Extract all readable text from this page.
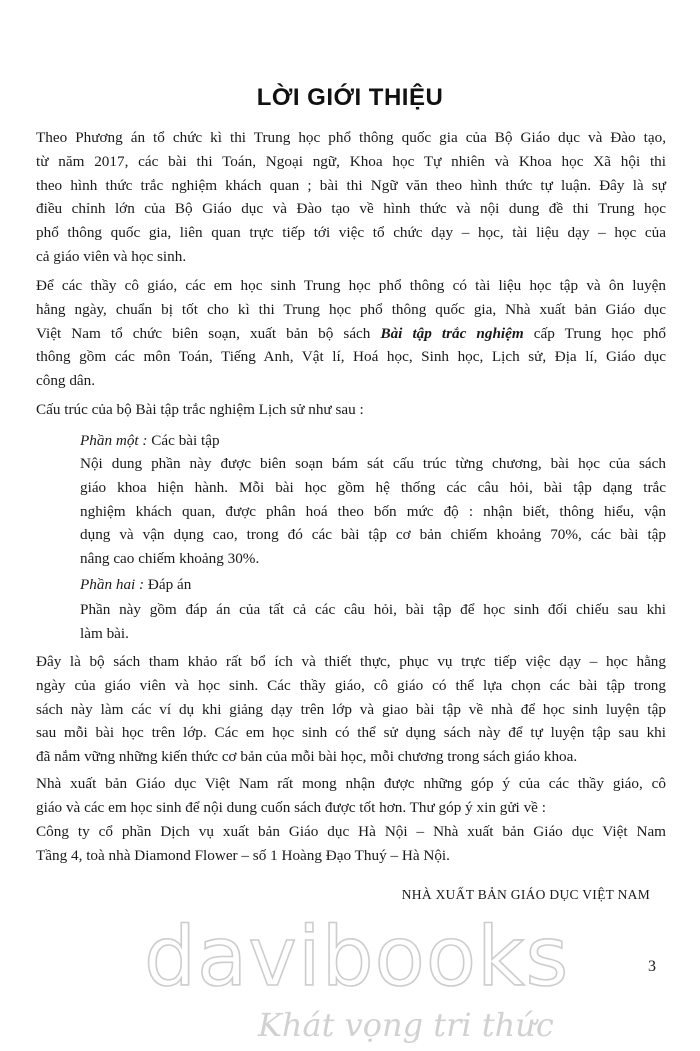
LỜI GIỚI THIỆU
Theo Phương án tổ chức kì thi Trung học phổ thông quốc gia của Bộ Giáo dục và Đào tạo,
từ năm 2017, các bài thi Toán, Ngoại ngữ, Khoa học Tự nhiên và Khoa học Xã hội thi
theo hình thức trắc nghiệm khách quan ; bài thi Ngữ văn theo hình thức tự luận. Đây là sự
điều chỉnh lớn của Bộ Giáo dục và Đào tạo về hình thức và nội dung đề thi Trung học
phổ thông quốc gia, liên quan trực tiếp tới việc tổ chức dạy – học, tài liệu dạy – học của
cả giáo viên và học sinh.
Để các thầy cô giáo, các em học sinh Trung học phổ thông có tài liệu học tập và ôn luyện
hằng ngày, chuẩn bị tốt cho kì thi Trung học phổ thông quốc gia, Nhà xuất bản Giáo dục
Việt Nam tổ chức biên soạn, xuất bản bộ sách Bài tập trắc nghiệm cấp Trung học phổ
thông gồm các môn Toán, Tiếng Anh, Vật lí, Hoá học, Sinh học, Lịch sử, Địa lí, Giáo dục
công dân.
Cấu trúc của bộ Bài tập trắc nghiệm Lịch sử như sau :
Phần một : Các bài tập
Nội dung phần này được biên soạn bám sát cấu trúc từng chương, bài học của sách
giáo khoa hiện hành. Mỗi bài học gồm hệ thống các câu hỏi, bài tập dạng trắc
nghiệm khách quan, được phân hoá theo bốn mức độ : nhận biết, thông hiểu, vận
dụng và vận dụng cao, trong đó các bài tập cơ bản chiếm khoảng 70%, các bài tập
nâng cao chiếm khoảng 30%.
Phần hai : Đáp án
Phần này gồm đáp án của tất cả các câu hỏi, bài tập để học sinh đối chiếu sau khi
làm bài.
Đây là bộ sách tham khảo rất bổ ích và thiết thực, phục vụ trực tiếp việc dạy – học hằng
ngày của giáo viên và học sinh. Các thầy giáo, cô giáo có thể lựa chọn các bài tập trong
sách này làm các ví dụ khi giảng dạy trên lớp và giao bài tập về nhà để học sinh luyện tập
sau mỗi bài học trên lớp. Các em học sinh có thể sử dụng sách này để tự luyện tập sau khi
đã nắm vững những kiến thức cơ bản của mỗi bài học, mỗi chương trong sách giáo khoa.
Nhà xuất bản Giáo dục Việt Nam rất mong nhận được những góp ý của các thầy giáo, cô
giáo và các em học sinh để nội dung cuốn sách được tốt hơn. Thư góp ý xin gửi về :
Công ty cổ phần Dịch vụ xuất bản Giáo dục Hà Nội – Nhà xuất bản Giáo dục Việt Nam
Tầng 4, toà nhà Diamond Flower – số 1 Hoàng Đạo Thuý – Hà Nội.
NHÀ XUẤT BẢN GIÁO DỤC VIỆT NAM
davibooks	3
Khát vọng tri thức
